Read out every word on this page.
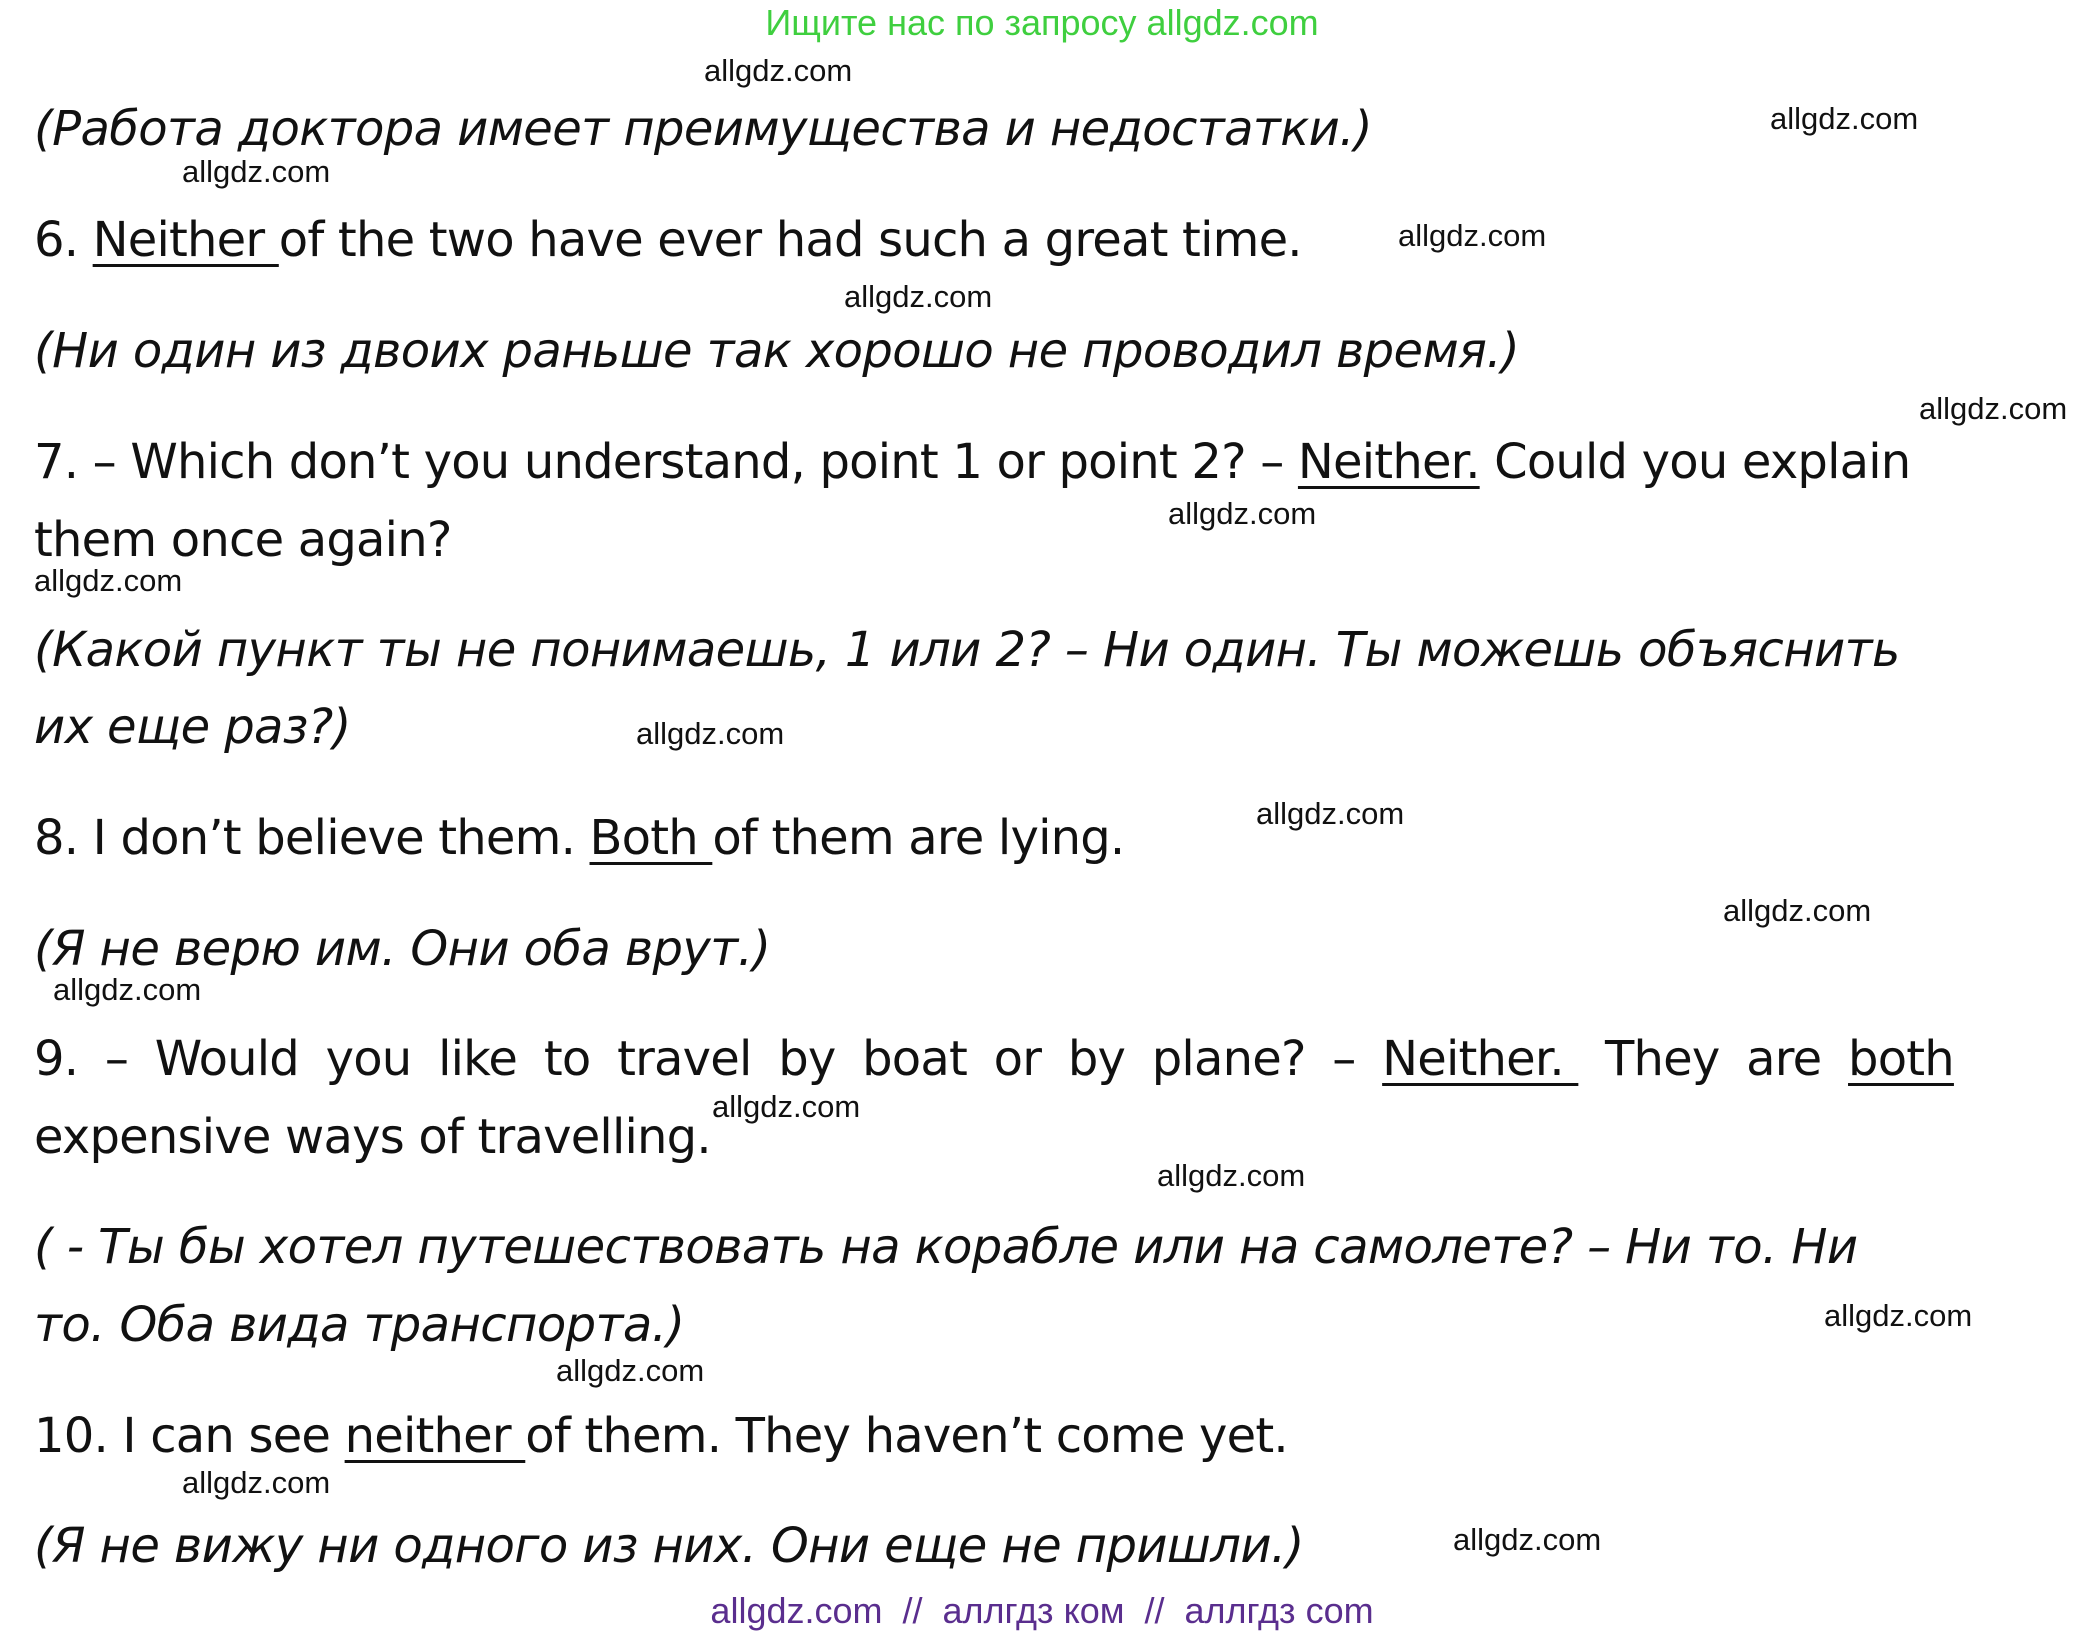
Ищите нас по запросу allgdz.com
(Работа доктора имеет преимущества и недостатки.)
6. Neither of the two have ever had such a great time.
(Ни один из двоих раньше так хорошо не проводил время.)
7. – Which don’t you understand, point 1 or point 2? – Neither. Could you explain
them once again?
(Какой пункт ты не понимаешь, 1 или 2? – Ни один. Ты можешь объяснить
их еще раз?)
8. I don’t believe them. Both of them are lying.
(Я не верю им. Они оба врут.)
9. – Would you like to travel by boat or by plane? – Neither. They are both
expensive ways of travelling.
( - Ты бы хотел путешествовать на корабле или на самолете? – Ни то. Ни
то. Оба вида транспорта.)
10. I can see neither of them. They haven’t come yet.
(Я не вижу ни одного из них. Они еще не пришли.)
allgdz.com
allgdz.com
allgdz.com
allgdz.com
allgdz.com
allgdz.com
allgdz.com
allgdz.com
allgdz.com
allgdz.com
allgdz.com
allgdz.com
allgdz.com
allgdz.com
allgdz.com
allgdz.com
allgdz.com
allgdz.com
allgdz.com  //  аллгдз ком  //  аллгдз com
